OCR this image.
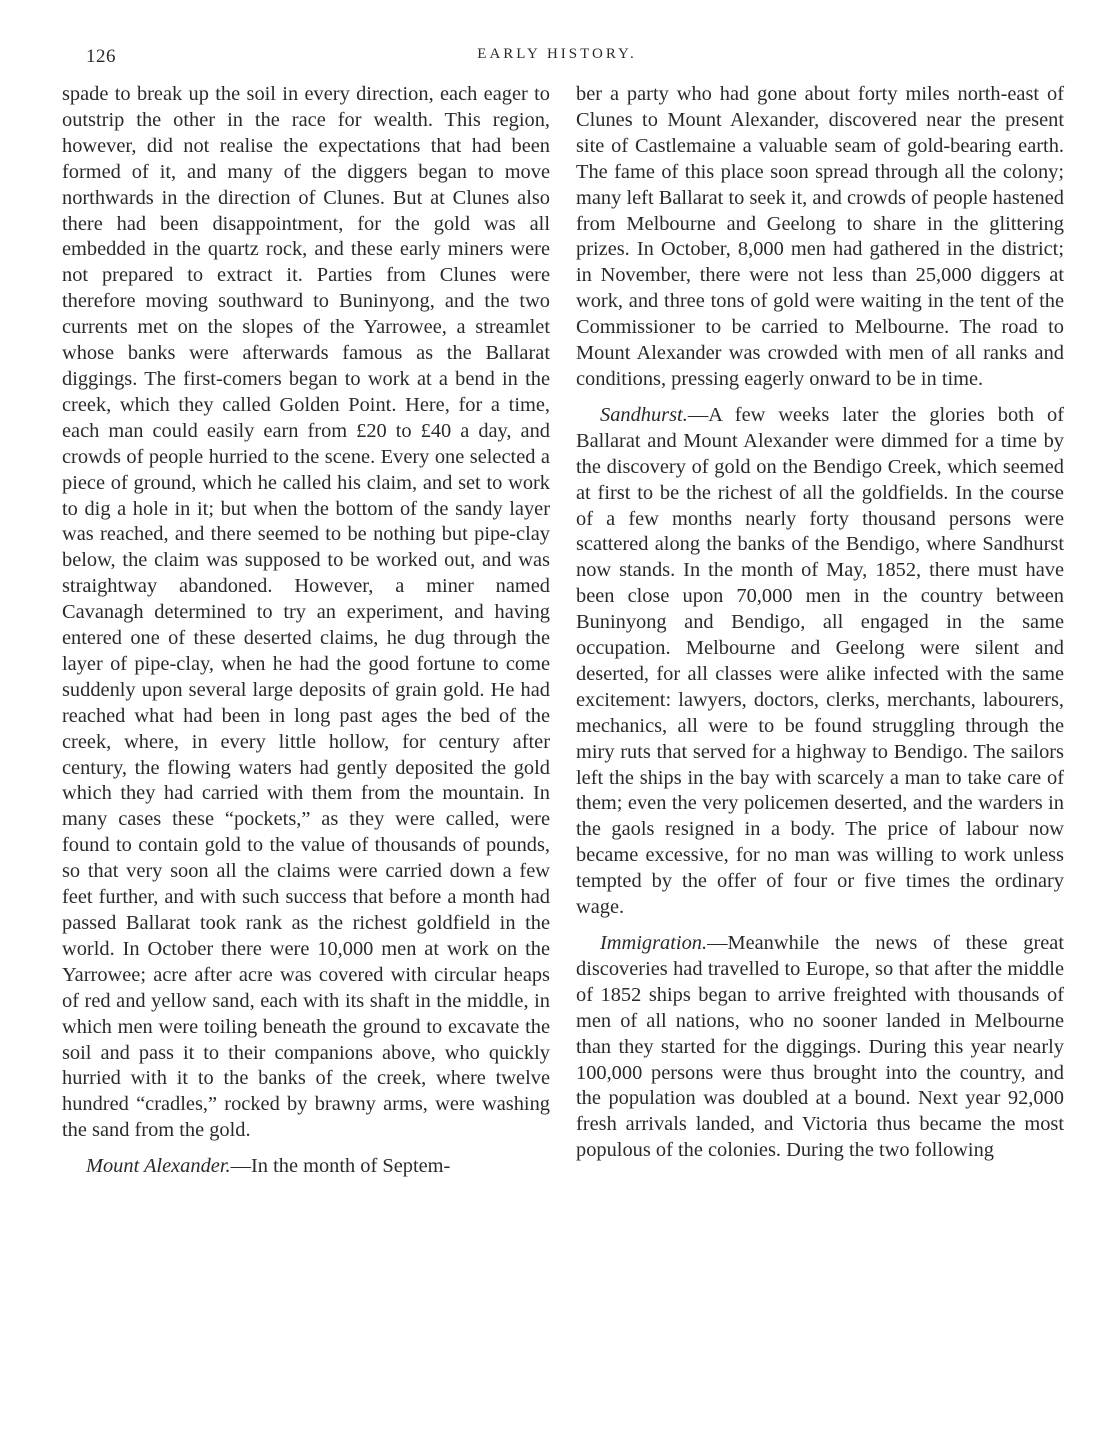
126	EARLY HISTORY.

spade to break up the soil in every direction, each eager to outstrip the other in the race for wealth. This region, however, did not realise the expectations that had been formed of it, and many of the diggers began to move northwards in the direction of Clunes. But at Clunes also there had been disappointment, for the gold was all embedded in the quartz rock, and these early miners were not prepared to extract it. Parties from Clunes were therefore moving southward to Buninyong, and the two currents met on the slopes of the Yarrowee, a streamlet whose banks were afterwards famous as the Ballarat diggings. The first-comers began to work at a bend in the creek, which they called Golden Point. Here, for a time, each man could easily earn from £20 to £40 a day, and crowds of people hurried to the scene. Every one selected a piece of ground, which he called his claim, and set to work to dig a hole in it; but when the bottom of the sandy layer was reached, and there seemed to be nothing but pipe-clay below, the claim was supposed to be worked out, and was straightway abandoned. However, a miner named Cavanagh determined to try an experiment, and having entered one of these deserted claims, he dug through the layer of pipe-clay, when he had the good fortune to come suddenly upon several large deposits of grain gold. He had reached what had been in long past ages the bed of the creek, where, in every little hollow, for century after century, the flowing waters had gently deposited the gold which they had carried with them from the mountain. In many cases these “pockets,” as they were called, were found to contain gold to the value of thousands of pounds, so that very soon all the claims were carried down a few feet further, and with such success that before a month had passed Ballarat took rank as the richest goldfield in the world. In October there were 10,000 men at work on the Yarrowee; acre after acre was covered with circular heaps of red and yellow sand, each with its shaft in the middle, in which men were toiling beneath the ground to excavate the soil and pass it to their companions above, who quickly hurried with it to the banks of the creek, where twelve hundred “cradles,” rocked by brawny arms, were washing the sand from the gold.

Mount Alexander.—In the month of Septem-

ber a party who had gone about forty miles north-east of Clunes to Mount Alexander, discovered near the present site of Castlemaine a valuable seam of gold-bearing earth. The fame of this place soon spread through all the colony; many left Ballarat to seek it, and crowds of people hastened from Melbourne and Geelong to share in the glittering prizes. In October, 8,000 men had gathered in the district; in November, there were not less than 25,000 diggers at work, and three tons of gold were waiting in the tent of the Commissioner to be carried to Melbourne. The road to Mount Alexander was crowded with men of all ranks and conditions, pressing eagerly onward to be in time.

Sandhurst.—A few weeks later the glories both of Ballarat and Mount Alexander were dimmed for a time by the discovery of gold on the Bendigo Creek, which seemed at first to be the richest of all the goldfields. In the course of a few months nearly forty thousand persons were scattered along the banks of the Bendigo, where Sandhurst now stands. In the month of May, 1852, there must have been close upon 70,000 men in the country between Buninyong and Bendigo, all engaged in the same occupation. Melbourne and Geelong were silent and deserted, for all classes were alike infected with the same excitement: lawyers, doctors, clerks, merchants, labourers, mechanics, all were to be found struggling through the miry ruts that served for a highway to Bendigo. The sailors left the ships in the bay with scarcely a man to take care of them; even the very policemen deserted, and the warders in the gaols resigned in a body. The price of labour now became excessive, for no man was willing to work unless tempted by the offer of four or five times the ordinary wage.

Immigration.—Meanwhile the news of these great discoveries had travelled to Europe, so that after the middle of 1852 ships began to arrive freighted with thousands of men of all nations, who no sooner landed in Melbourne than they started for the diggings. During this year nearly 100,000 persons were thus brought into the country, and the population was doubled at a bound. Next year 92,000 fresh arrivals landed, and Victoria thus became the most populous of the colonies. During the two following
